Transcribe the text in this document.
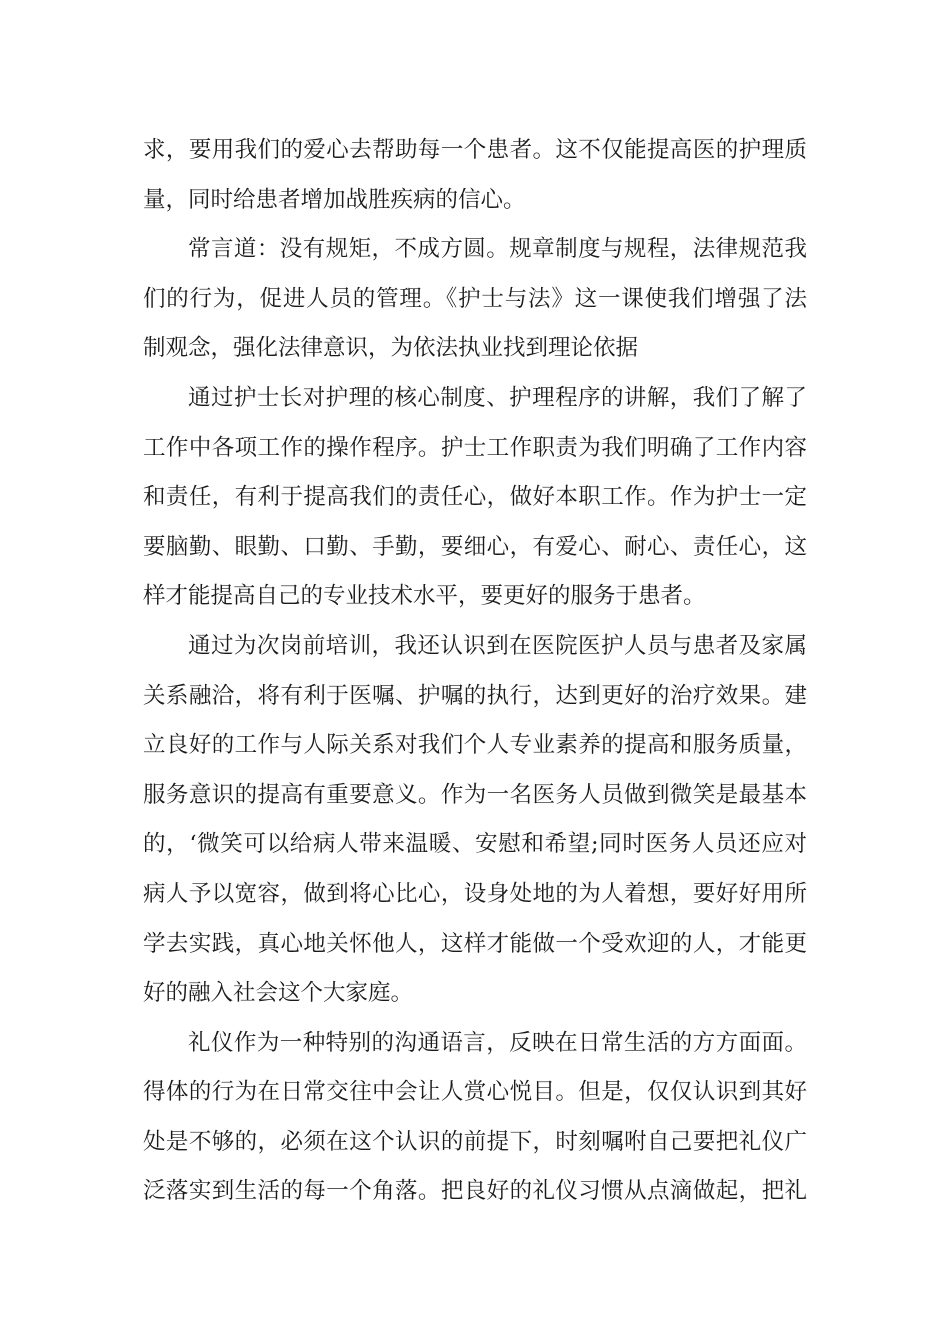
求，要用我们的爱心去帮助每一个患者。这不仅能提高医的护理质
量，同时给患者增加战胜疾病的信心。
常言道：没有规矩，不成方圆。规章制度与规程，法律规范我
们的行为，促进人员的管理。《护士与法》这一课使我们增强了法
制观念，强化法律意识，为依法执业找到理论依据
通过护士长对护理的核心制度、护理程序的讲解，我们了解了
工作中各项工作的操作程序。护士工作职责为我们明确了工作内容
和责任，有利于提高我们的责任心，做好本职工作。作为护士一定
要脑勤、眼勤、口勤、手勤，要细心，有爱心、耐心、责任心，这
样才能提高自己的专业技术水平，要更好的服务于患者。
通过为次岗前培训，我还认识到在医院医护人员与患者及家属
关系融洽，将有利于医嘱、护嘱的执行，达到更好的治疗效果。建
立良好的工作与人际关系对我们个人专业素养的提高和服务质量，
服务意识的提高有重要意义。作为一名医务人员做到微笑是最基本
的，‘微笑可以给病人带来温暖、安慰和希望;同时医务人员还应对
病人予以宽容，做到将心比心，设身处地的为人着想，要好好用所
学去实践，真心地关怀他人，这样才能做一个受欢迎的人，才能更
好的融入社会这个大家庭。
礼仪作为一种特别的沟通语言，反映在日常生活的方方面面。
得体的行为在日常交往中会让人赏心悦目。但是，仅仅认识到其好
处是不够的，必须在这个认识的前提下，时刻嘱咐自己要把礼仪广
泛落实到生活的每一个角落。把良好的礼仪习惯从点滴做起，把礼
